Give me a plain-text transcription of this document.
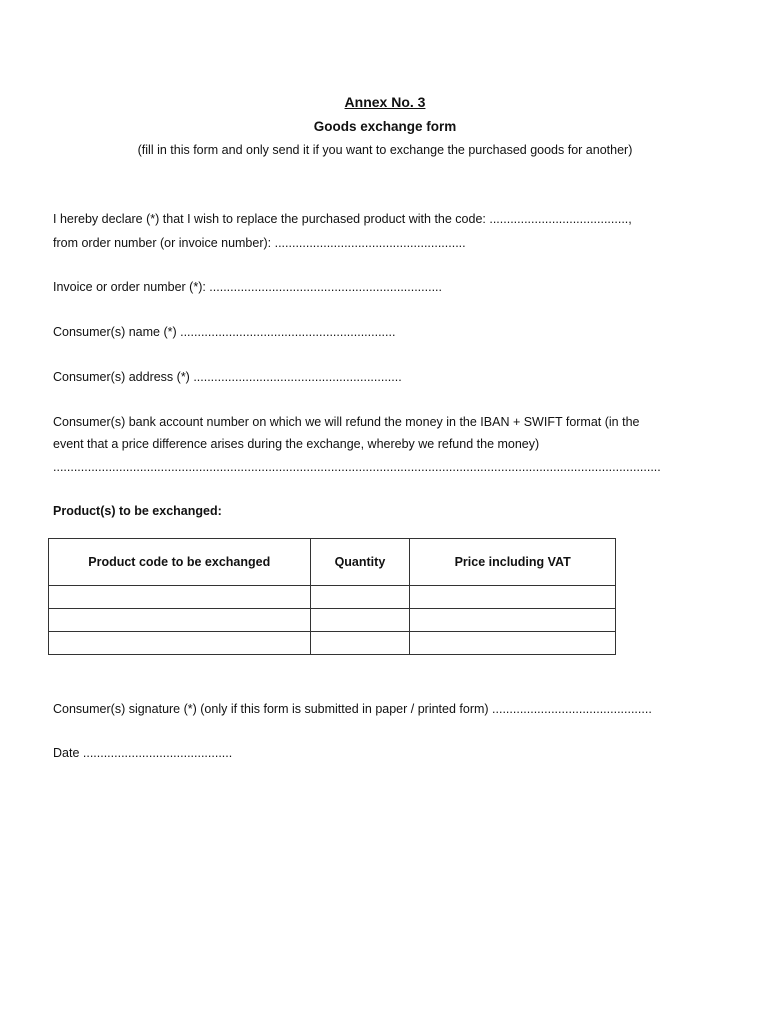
Annex No. 3
Goods exchange form
(fill in this form and only send it if you want to exchange the purchased goods for another)
I hereby declare (*) that I wish to replace the purchased product with the code: ........................................,
from order number (or invoice number): .......................................................
Invoice or order number (*): ...................................................................
Consumer(s) name (*) ..............................................................
Consumer(s) address (*) ............................................................
Consumer(s) bank account number on which we will refund the money in the IBAN + SWIFT format (in the
event that a price difference arises during the exchange, whereby we refund the money)
...............................................................................................................................................................................
Product(s) to be exchanged:
Product code to be exchanged	Quantity	Price including VAT

Consumer(s) signature (*) (only if this form is submitted in paper / printed form) ..............................................
Date ...........................................
